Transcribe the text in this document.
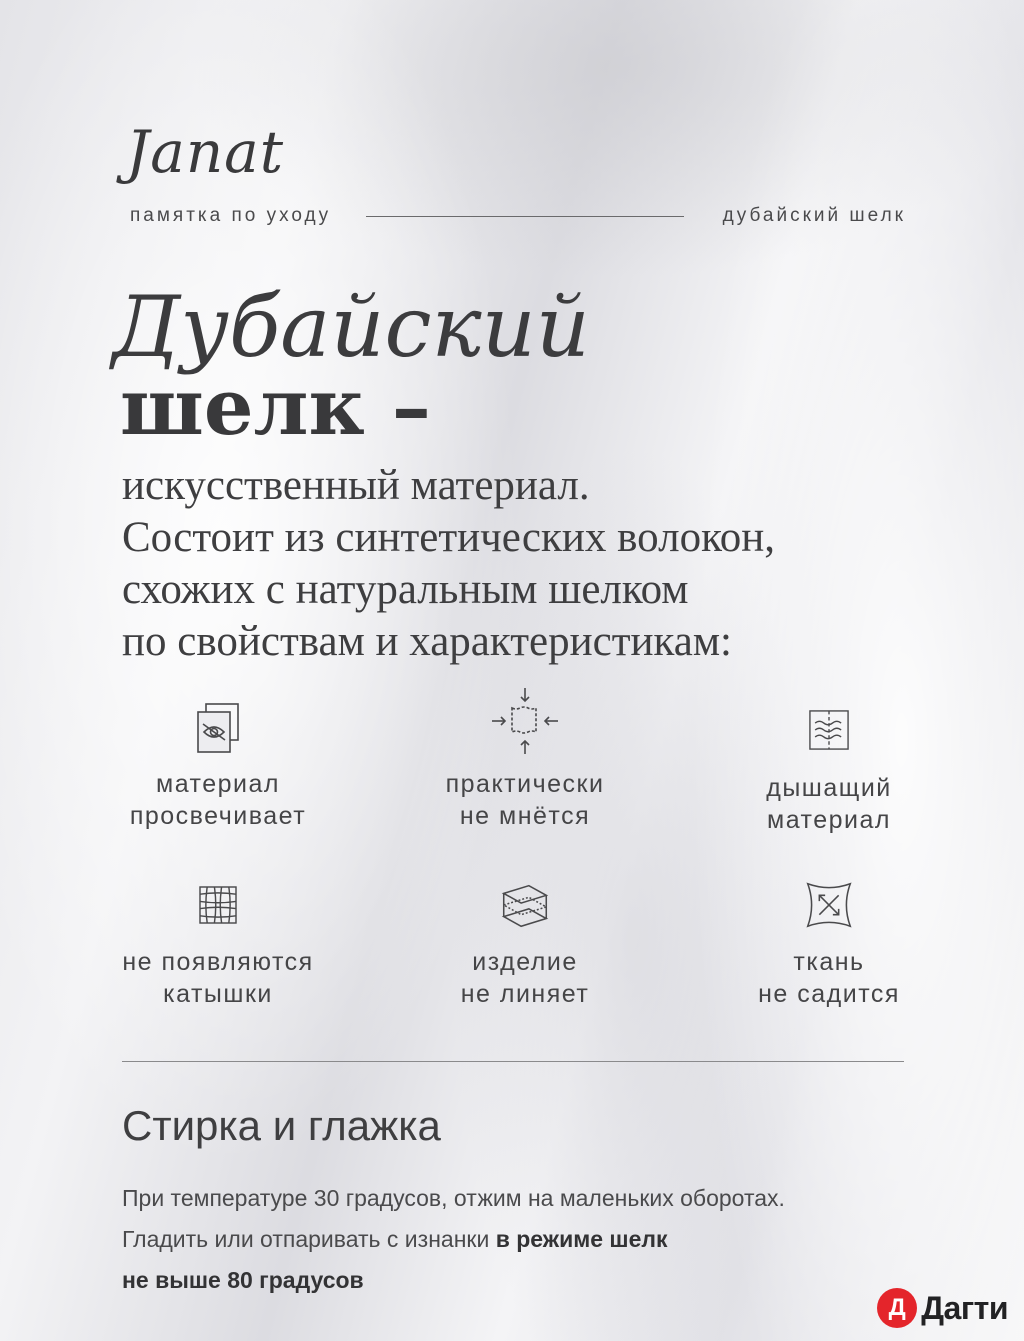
Janat
памятка по уходу	дубайский шелк
Дубайский
шелк –
искусственный материал.
Состоит из синтетических волокон,
схожих с натуральным шелком
по свойствам и характеристикам:
материал
просвечивает
практически
не мнётся
дышащий
материал
не появляются
катышки
изделие
не линяет
ткань
не садится
Стирка и глажка
При температуре 30 градусов, отжим на маленьких оборотах.
Гладить или отпаривать с изнанки в режиме шелк
не выше 80 градусов
Д Дагти
